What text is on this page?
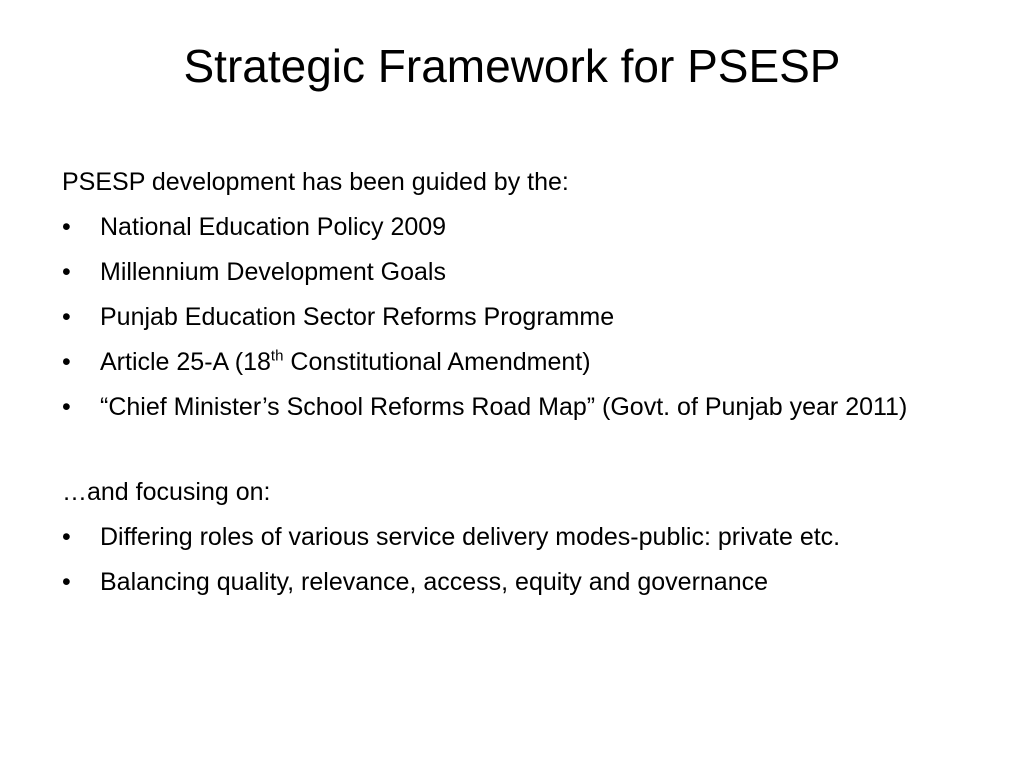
Strategic Framework for PSESP

PSESP development has been guided by the:

•	National Education Policy 2009
•	Millennium Development Goals
•	Punjab Education Sector Reforms Programme
•	Article 25-A (18th Constitutional Amendment)
•	“Chief Minister’s School Reforms Road Map” (Govt. of Punjab year 2011)

…and focusing on:

•	Differing roles of various service delivery modes-public: private etc.
•	Balancing quality, relevance, access, equity and governance
